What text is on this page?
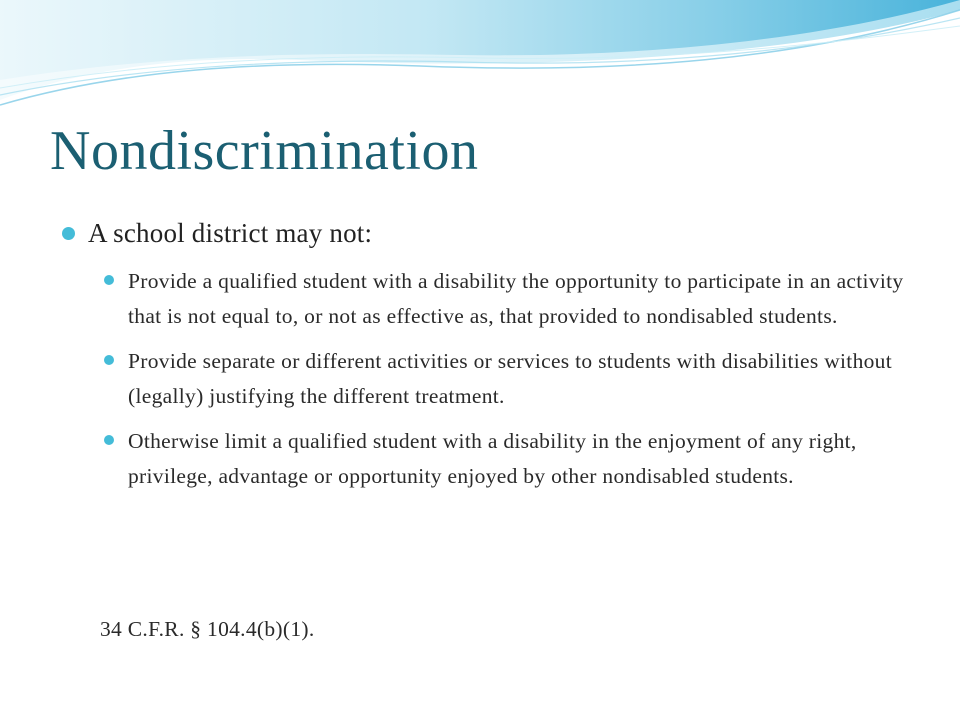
Nondiscrimination
A school district may not:
Provide a qualified student with a disability the opportunity to participate in an activity that is not equal to, or not as effective as, that provided to nondisabled students.
Provide separate or different activities or services to students with disabilities without (legally) justifying the different treatment.
Otherwise limit a qualified student with a disability in the enjoyment of any right, privilege, advantage or opportunity enjoyed by other nondisabled students.
34 C.F.R. § 104.4(b)(1).
